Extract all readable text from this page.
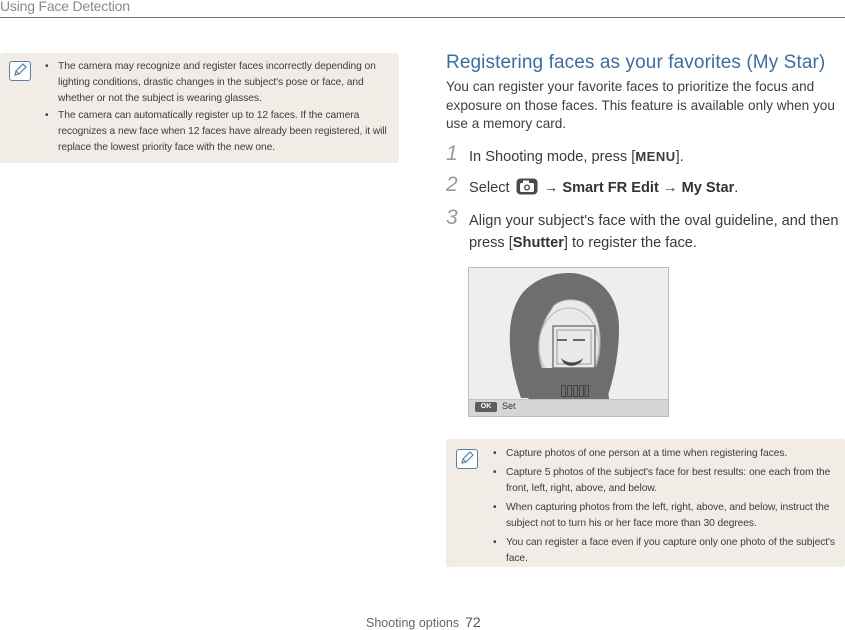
Using Face Detection
• The camera may recognize and register faces incorrectly depending on lighting conditions, drastic changes in the subject's pose or face, and whether or not the subject is wearing glasses.
• The camera can automatically register up to 12 faces. If the camera recognizes a new face when 12 faces have already been registered, it will replace the lowest priority face with the new one.
Registering faces as your favorites (My Star)
You can register your favorite faces to prioritize the focus and exposure on those faces. This feature is available only when you use a memory card.
1 In Shooting mode, press [MENU].
2 Select → Smart FR Edit → My Star.
3 Align your subject's face with the oval guideline, and then press [Shutter] to register the face.
OK	Set
• Capture photos of one person at a time when registering faces.
• Capture 5 photos of the subject's face for best results: one each from the front, left, right, above, and below.
• When capturing photos from the left, right, above, and below, instruct the subject not to turn his or her face more than 30 degrees.
• You can register a face even if you capture only one photo of the subject's face.
Shooting options 72
